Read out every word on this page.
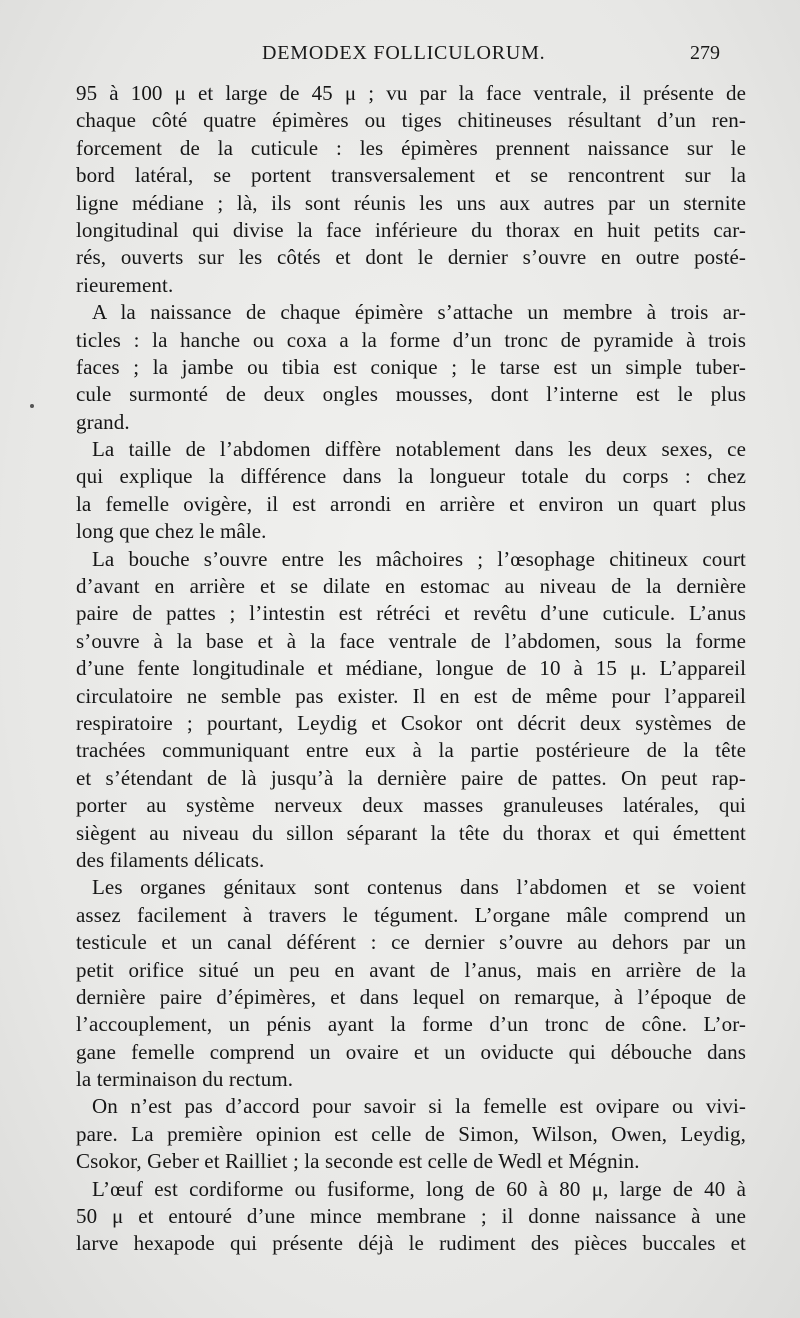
DEMODEX FOLLICULORUM.	279
95 à 100 μ et large de 45 μ ; vu par la face ventrale, il présente de
chaque côté quatre épimères ou tiges chitineuses résultant d’un ren-
forcement de la cuticule : les épimères prennent naissance sur le
bord latéral, se portent transversalement et se rencontrent sur la
ligne médiane ; là, ils sont réunis les uns aux autres par un sternite
longitudinal qui divise la face inférieure du thorax en huit petits car-
rés, ouverts sur les côtés et dont le dernier s’ouvre en outre posté-
rieurement.
A la naissance de chaque épimère s’attache un membre à trois ar-
ticles : la hanche ou coxa a la forme d’un tronc de pyramide à trois
faces ; la jambe ou tibia est conique ; le tarse est un simple tuber-
cule surmonté de deux ongles mousses, dont l’interne est le plus
grand.
La taille de l’abdomen diffère notablement dans les deux sexes, ce
qui explique la différence dans la longueur totale du corps : chez
la femelle ovigère, il est arrondi en arrière et environ un quart plus
long que chez le mâle.
La bouche s’ouvre entre les mâchoires ; l’œsophage chitineux court
d’avant en arrière et se dilate en estomac au niveau de la dernière
paire de pattes ; l’intestin est rétréci et revêtu d’une cuticule. L’anus
s’ouvre à la base et à la face ventrale de l’abdomen, sous la forme
d’une fente longitudinale et médiane, longue de 10 à 15 μ. L’appareil
circulatoire ne semble pas exister. Il en est de même pour l’appareil
respiratoire ; pourtant, Leydig et Csokor ont décrit deux systèmes de
trachées communiquant entre eux à la partie postérieure de la tête
et s’étendant de là jusqu’à la dernière paire de pattes. On peut rap-
porter au système nerveux deux masses granuleuses latérales, qui
siègent au niveau du sillon séparant la tête du thorax et qui émettent
des filaments délicats.
Les organes génitaux sont contenus dans l’abdomen et se voient
assez facilement à travers le tégument. L’organe mâle comprend un
testicule et un canal déférent : ce dernier s’ouvre au dehors par un
petit orifice situé un peu en avant de l’anus, mais en arrière de la
dernière paire d’épimères, et dans lequel on remarque, à l’époque de
l’accouplement, un pénis ayant la forme d’un tronc de cône. L’or-
gane femelle comprend un ovaire et un oviducte qui débouche dans
la terminaison du rectum.
On n’est pas d’accord pour savoir si la femelle est ovipare ou vivi-
pare. La première opinion est celle de Simon, Wilson, Owen, Leydig,
Csokor, Geber et Railliet ; la seconde est celle de Wedl et Mégnin.
L’œuf est cordiforme ou fusiforme, long de 60 à 80 μ, large de 40 à
50 μ et entouré d’une mince membrane ; il donne naissance à une
larve hexapode qui présente déjà le rudiment des pièces buccales et
